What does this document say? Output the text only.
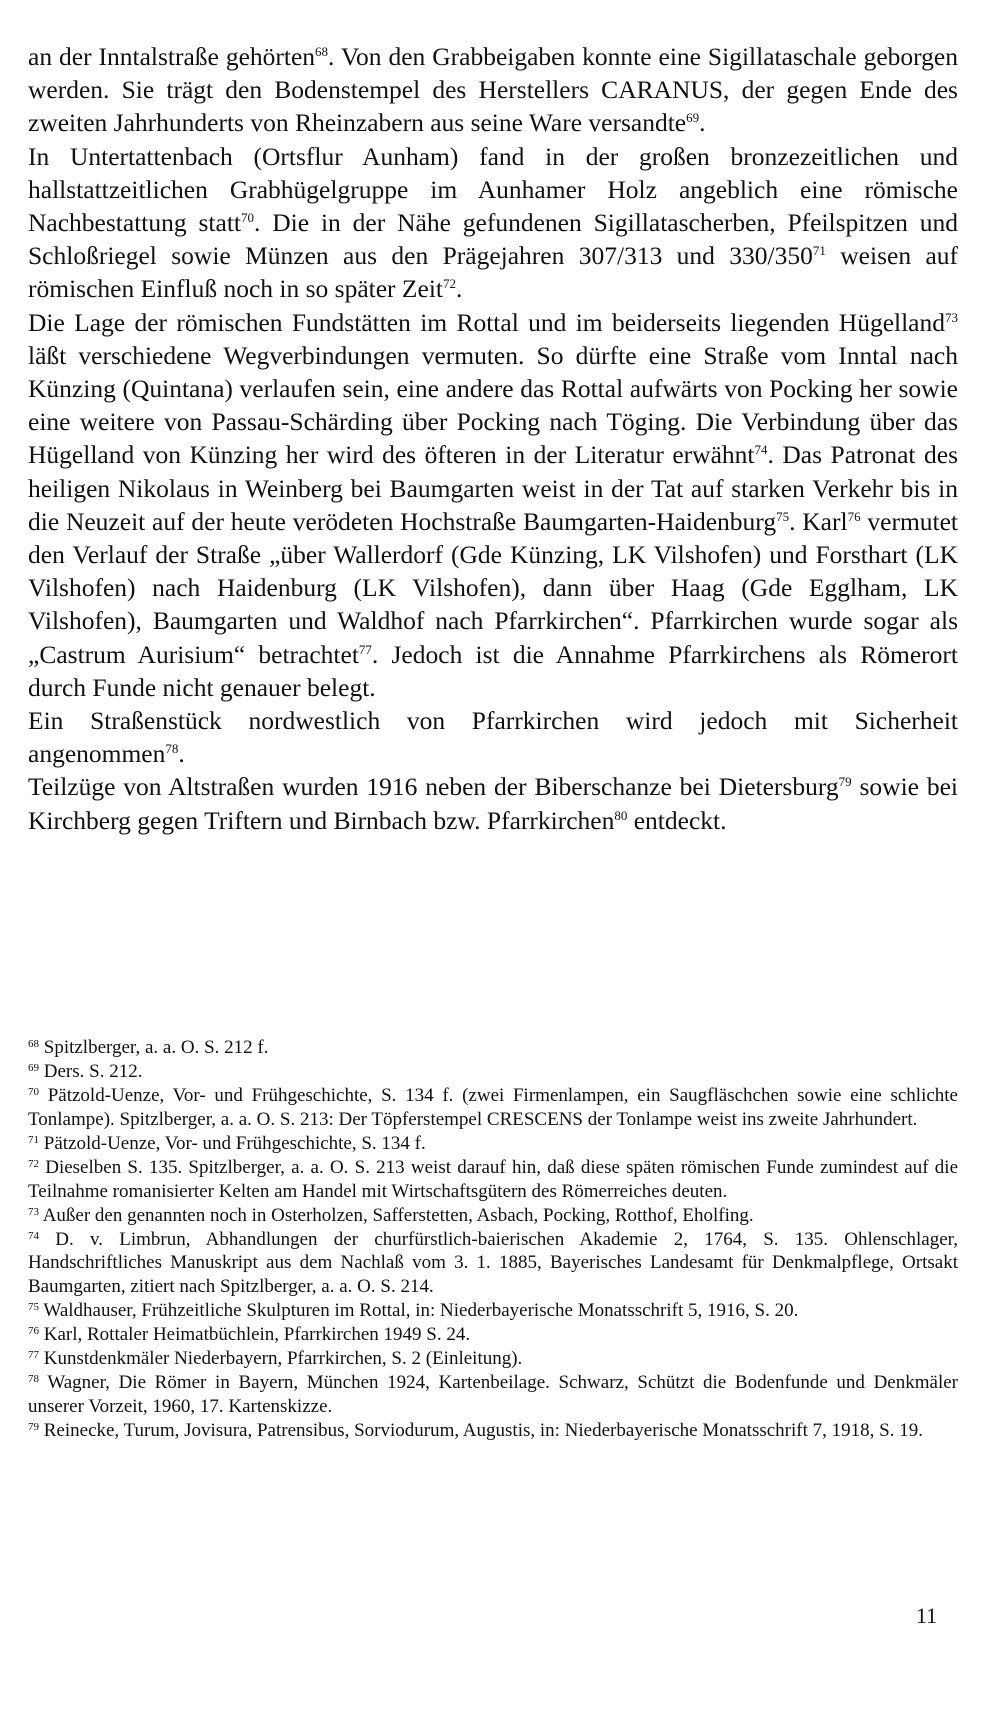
an der Inntalstraße gehörten$^{68}$. Von den Grabbeigaben konnte eine Sigillataschale geborgen werden. Sie trägt den Bodenstempel des Herstellers CARANUS, der gegen Ende des zweiten Jahrhunderts von Rheinzabern aus seine Ware versandte$^{69}$.

In Untertattenbach (Ortsflur Aunham) fand in der großen bronzezeitlichen und hallstattzeitlichen Grabhügelgruppe im Aunhamer Holz angeblich eine römische Nachbestattung statt$^{70}$. Die in der Nähe gefundenen Sigillatascherben, Pfeilspitzen und Schloßriegel sowie Münzen aus den Prägejahren 307/313 und $330/350^{71}$ weisen auf römischen Einfluß noch in so später Zeit$^{72}$.

Die Lage der römischen Fundstätten im Rottal und im beiderseits liegenden Hügelland$^{73}$ läßt verschiedene Wegverbindungen vermuten. So dürfte eine Straße vom Inntal nach Künzing (Quintana) verlaufen sein, eine andere das Rottal aufwärts von Pocking her sowie eine weitere von Passau-Schärding über Pocking nach Töging. Die Verbindung über das Hügelland von Künzing her wird des öfteren in der Literatur erwähnt$^{74}$. Das Patronat des heiligen Nikolaus in Weinberg bei Baumgarten weist in der Tat auf starken Verkehr bis in die Neuzeit auf der heute verödeten Hochstraße Baumgarten-Haidenburg$^{75}$. Karl$^{76}$ vermutet den Verlauf der Straße „über Wallerdorf (Gde Künzing, LK Vilshofen) und Forsthart (LK Vilshofen) nach Haidenburg (LK Vilshofen), dann über Haag (Gde Egglham, LK Vilshofen), Baumgarten und Waldhof nach Pfarrkirchen“. Pfarrkirchen wurde sogar als „Castrum Aurisium“ betrachtet$^{77}$. Jedoch ist die Annahme Pfarrkirchens als Römerort durch Funde nicht genauer belegt.

Ein Straßenstück nordwestlich von Pfarrkirchen wird jedoch mit Sicherheit angenommen$^{78}$.

Teilzüge von Altstraßen wurden 1916 neben der Biberschanze bei Dietersburg$^{79}$ sowie bei Kirchberg gegen Triftern und Birnbach bzw. Pfarrkirchen$^{80}$ entdeckt.

$^{68}$ Spitzlberger, a. a. O. S. 212 f.
$^{69}$ Ders. S. 212.
$^{70}$ Pätzold-Uenze, Vor- und Frühgeschichte, S. 134 f. (zwei Firmenlampen, ein Saugfläschchen sowie eine schlichte Tonlampe). Spitzlberger, a. a. O. S. 213: Der Töpferstempel CRESCENS der Tonlampe weist ins zweite Jahrhundert.
$^{71}$ Pätzold-Uenze, Vor- und Frühgeschichte, S. 134 f.
$^{72}$ Dieselben S. 135. Spitzlberger, a. a. O. S. 213 weist darauf hin, daß diese späten römischen Funde zumindest auf die Teilnahme romanisierter Kelten am Handel mit Wirtschaftsgütern des Römerreiches deuten.
$^{73}$ Außer den genannten noch in Osterholzen, Safferstetten, Asbach, Pocking, Rotthof, Eholfing.
$^{74}$ D. v. Limbrun, Abhandlungen der churfürstlich-baierischen Akademie 2, 1764, S. 135. Ohlenschlager, Handschriftliches Manuskript aus dem Nachlaß vom 3. 1. 1885, Bayerisches Landesamt für Denkmalpflege, Ortsakt Baumgarten, zitiert nach Spitzlberger, a. a. O. S. 214.
$^{75}$ Waldhauser, Frühzeitliche Skulpturen im Rottal, in: Niederbayerische Monatsschrift 5, 1916, S. 20.
$^{76}$ Karl, Rottaler Heimatbüchlein, Pfarrkirchen 1949 S. 24.
$^{77}$ Kunstdenkmäler Niederbayern, Pfarrkirchen, S. 2 (Einleitung).
$^{78}$ Wagner, Die Römer in Bayern, München 1924, Kartenbeilage. Schwarz, Schützt die Bodenfunde und Denkmäler unserer Vorzeit, 1960, 17. Kartenskizze.
$^{79}$ Reinecke, Turum, Jovisura, Patrensibus, Sorviodurum, Augustis, in: Niederbayerische Monatsschrift 7, 1918, S. 19.
11
